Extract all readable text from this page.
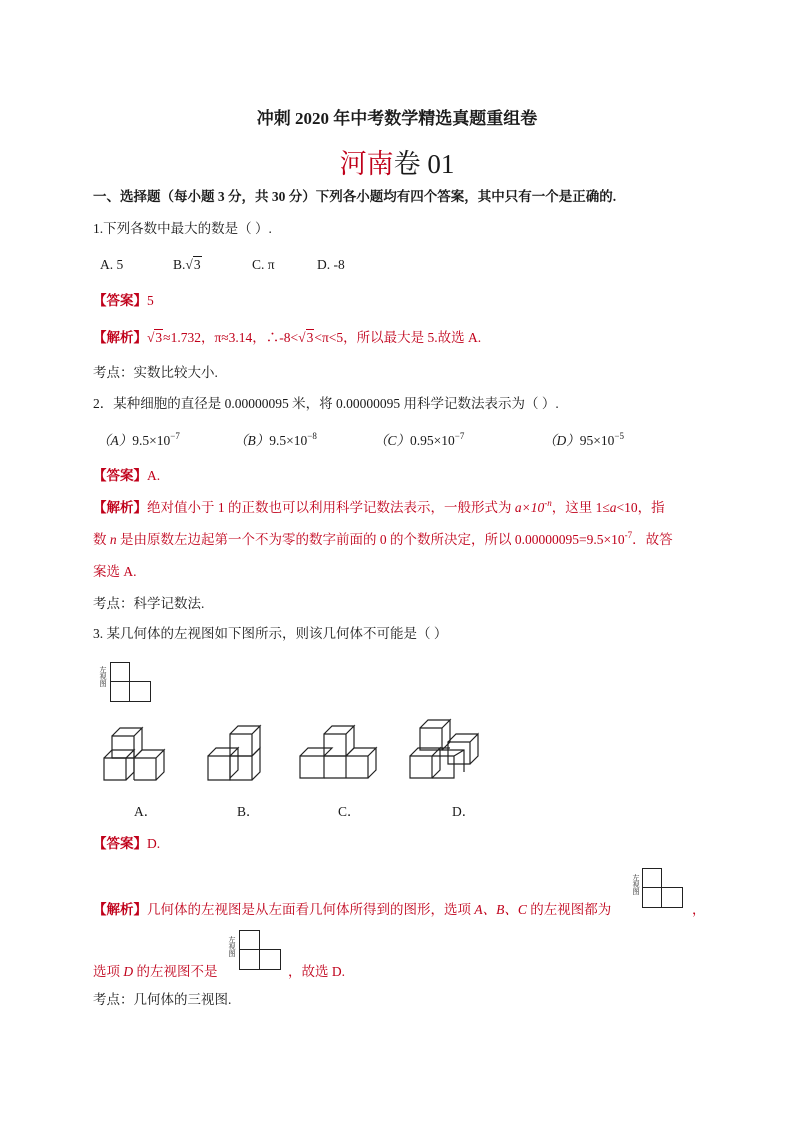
冲刺 2020 年中考数学精选真题重组卷
河南卷 01
一、选择题（每小题 3 分，共 30 分）下列各小题均有四个答案，其中只有一个是正确的.
1.下列各数中最大的数是（ ）.
A. 5	B.√3	C. π	D. -8
【答案】5
【解析】√3≈1.732，π≈3.14，∴-8<√3<π<5，所以最大是 5.故选 A.
考点：实数比较大小.
2．某种细胞的直径是 0.00000095 米，将 0.00000095 用科学记数法表示为（ ）.
$(A)9.5\times 10^{-7}$	$(B)9.5\times 10^{-8}$	$(C)0.95\times 10^{-7}$	$(D)95\times 10^{-5}$
【答案】A.
【解析】绝对值小于 1 的正数也可以利用科学记数法表示，一般形式为 $a\times 10^{-n}$，这里 1≤a<10，指
数 n 是由原数左边起第一个不为零的数字前面的 0 的个数所决定，所以 $0.00000095=9.5\times 10^{-7}$．故答
案选 A.
考点：科学记数法.
3. 某几何体的左视图如下图所示，则该几何体不可能是（ ）
左视图
A．	B．	C．	D．
【答案】D.
【解析】几何体的左视图是从左面看几何体所得到的图形，选项 A、B、C 的左视图都为
左视图
，
选项 D 的左视图不是
左视图
，故选 D.
考点：几何体的三视图.
